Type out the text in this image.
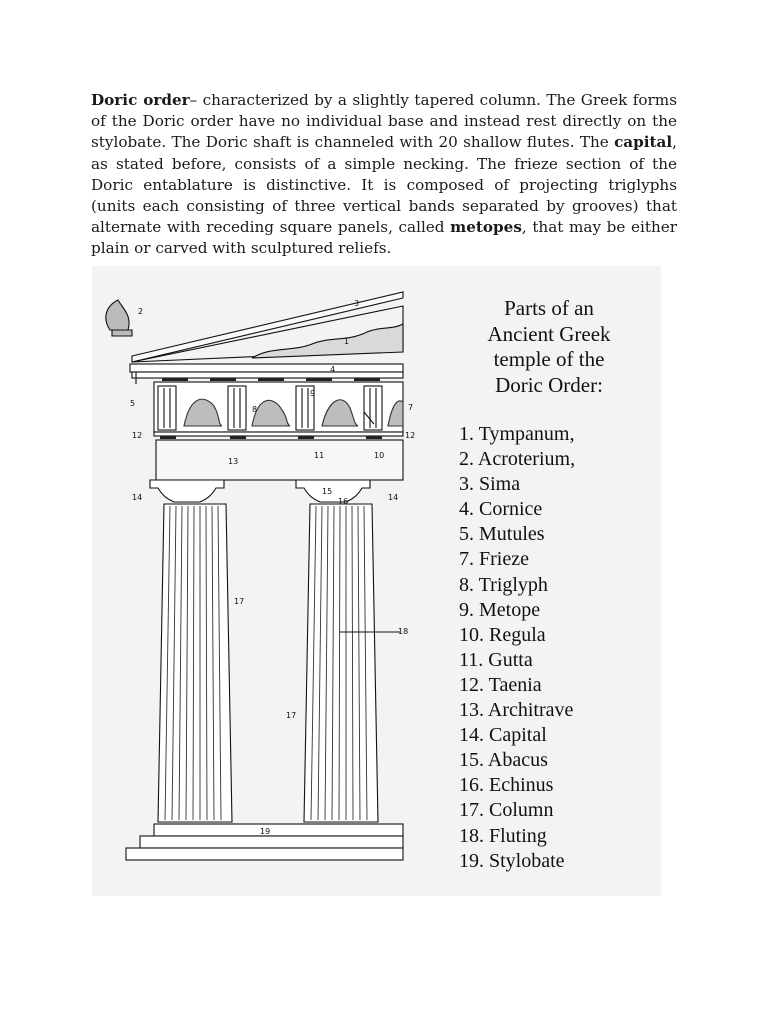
Doric order– characterized by a slightly tapered column. The Greek forms of the Doric order have no individual base and instead rest directly on the stylobate. The Doric shaft is channeled with 20 shallow flutes. The capital, as stated before, consists of a simple necking. The frieze section of the Doric entablature is distinctive. It is composed of projecting triglyphs (units each consisting of three vertical bands separated by grooves) that alternate with receding square panels, called metopes, that may be either plain or carved with sculptured reliefs.

2
3
1
4
5	7
8
9
10
11
12	12
13
14	14
15
16
17
17
18
19
Parts of an
Ancient Greek
temple of the
Doric Order:
1. Tympanum,
2. Acroterium,
3. Sima
4. Cornice
5. Mutules
7. Frieze
8. Triglyph
9. Metope
10. Regula
11. Gutta
12. Taenia
13. Architrave
14. Capital
15. Abacus
16. Echinus
17. Column
18. Fluting
19. Stylobate
